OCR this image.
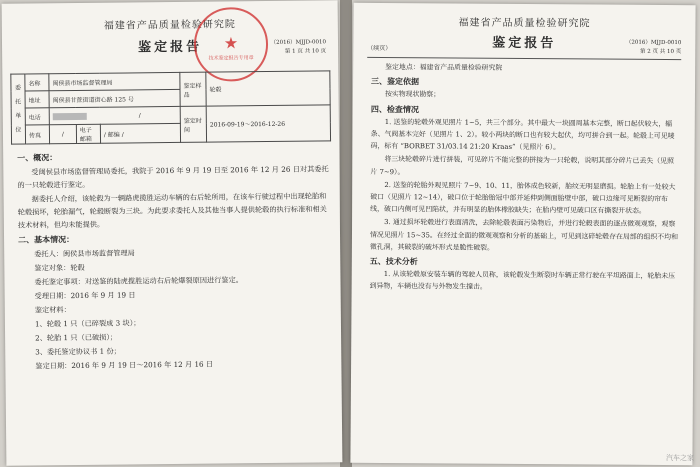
福建省产品质量检验研究院
鉴定报告	（2016）MJJD-0010
第 1 页 共 10 页
★
技术鉴定报告专用章
委托单位	名称	闽侯县市场监督管理局			鉴定样品	轮毂
	地址	闽侯县甘蔗街道街心路 125 号				
	电话	/			鉴定时间	2016-09-19～2016-12-26
	传真	/	电子邮箱	/ 邮编 /		

一、概况：

受闽侯县市场监督管理局委托，我院于 2016 年 9 月 19 日至 2016 年 12 月 26 日对其委托的一只轮毂进行鉴定。

据委托人介绍，该轮毂为一辆路虎揽胜运动车辆的右后轮所用，在该车行驶过程中出现轮胎和轮毂损坏，轮胎漏气，轮毂断裂为三块。为此要求委托人及其他当事人提供轮毂的执行标准和相关技术材料，但均未能提供。

二、基本情况：

委托人：闽侯县市场监督管理局

鉴定对象：轮毂

委托鉴定事项：对送鉴的陆虎揽胜运动右后轮爆裂原因进行鉴定。

受理日期：2016 年 9 月 19 日

鉴定材料：

1、轮毂 1 只（已碎裂成 3 块）；

2、轮胎 1 只（已破损）；

3、委托鉴定协议书 1 份；

鉴定日期：2016 年 9 月 19 日～2016 年 12 月 16 日

（续页）
福建省产品质量检验研究院
鉴定报告	（2016）MJJD-0010
第 2 页 共 10 页

鉴定地点：福建省产品质量检验研究院

三、鉴定依据

按实物现状勘察；

四、检查情况

1. 送鉴的轮毂外观见照片 1~5，共三个部分。其中最大一块圆周基本完整，断口起伏较大，辐条、气阀基本完好（见照片 1、2）。较小两块的断口也有较大起伏，均可拼合到一起。轮毂上可见唛码，标有 “BORBET 31/03.14 21:20 Kraas”（见照片 6）。

将三块轮毂碎片进行拼装，可见碎片不能完整的拼接为一只轮毂，说明其部分碎片已丢失（见照片 7~9）。

2. 送鉴的轮胎外观见照片 7~9、10、11，胎体成色较新，胎纹无明显磨损。轮胎上有一处较大破口（见照片 12~14），破口位于轮胎胎冠中部并延伸到侧面胎壁中部，破口边缘可见断裂的帘布线，破口内侧可见凹陷状，并有明显的胎体橡胶缺失；在胎内壁可见破口区有撕裂开状态。

3. 通过损坏轮毂进行表面清洗，去除轮毂表面污染物后，并进行轮毂表面的逐点微观观察，观察情况见照片 15~35。在经过全面的微观观察和分析的基础上，可见到这碎轮毂存在局部的组织不均和微孔洞，其破裂的破坏形式是脆性破裂。

五、技术分析

1. 从该轮毂原安装车辆的驾驶人员称，该轮毂发生断裂时车辆正常行驶在平坦路面上，轮胎未压到异物，车辆也没有与外物发生撞击。

汽车之家
